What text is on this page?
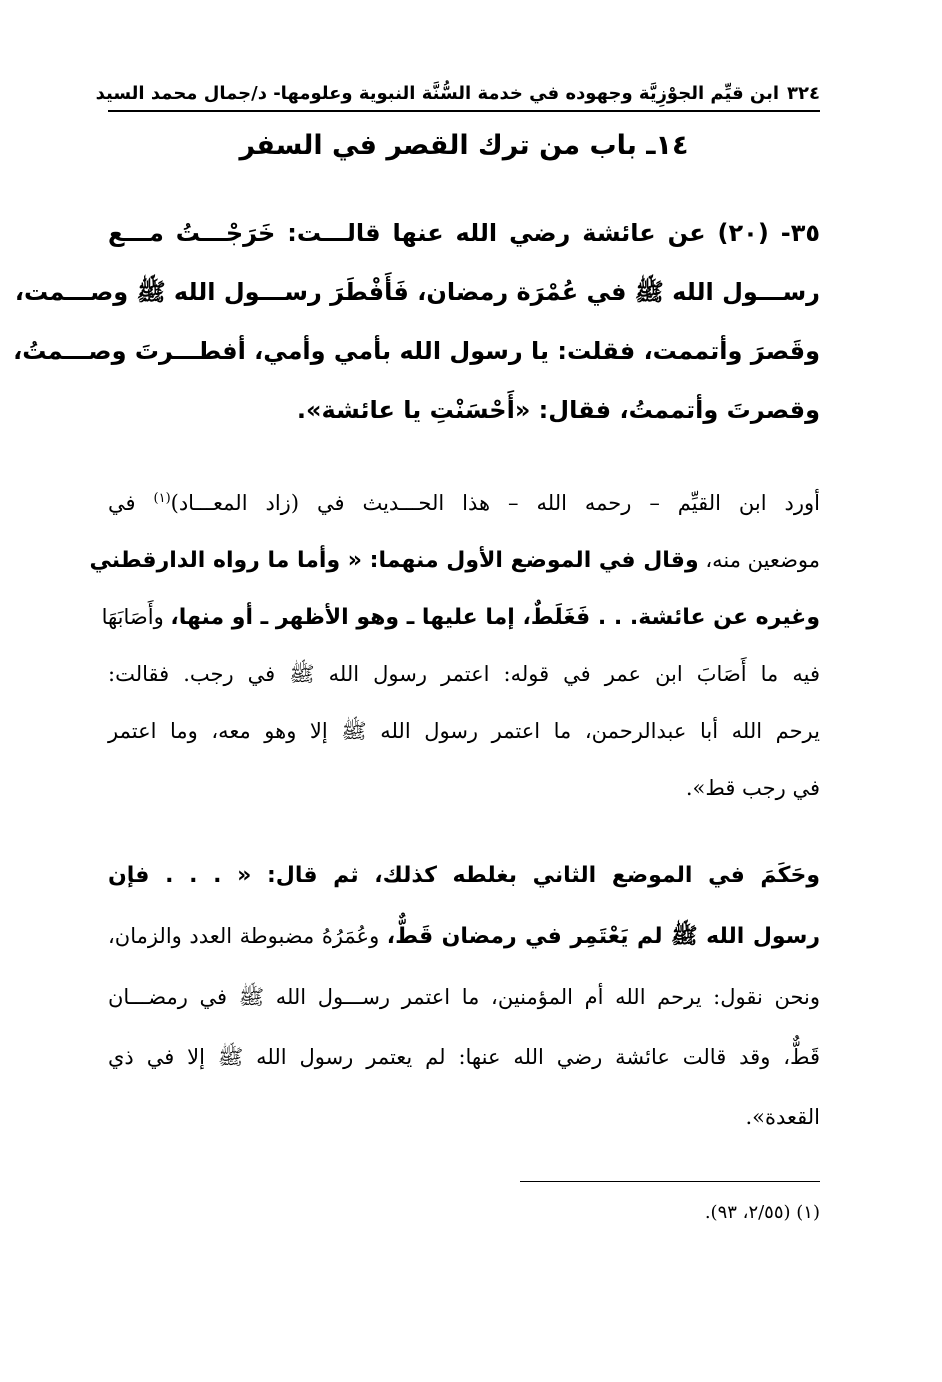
٣٢٤
ابن قيِّم الجوْزِيَّة وجهوده في خدمة السُّنَّة النبوية وعلومها- د/جمال محمد السيد
١٤ـ باب من ترك القصر في السفر
٣٥- (٢٠) عن عائشة رضي الله عنها قالـــت: خَرَجْـــتُ مـــع
رســـول الله ﷺ في عُمْرَة رمضان، فَأَفْطَرَ رســـول الله ﷺ وصـــمت،
وقَصرَ وأتممت، فقلت: يا رسول الله بأمي وأمي، أفطـــرتَ وصـــمتُ،
وقصرتَ وأتممتُ، فقال: «أَحْسَنْتِ يا عائشة».
أورد ابن القيِّم – رحمه الله – هذا الحـــديث في (زاد المعـــاد)$^{(١)}$ في
موضعين منه، وقال في الموضع الأول منهما: « وأما ما رواه الدارقطني
وغيره عن عائشة. . . فَغَلَطٌ، إما عليها ـ وهو الأظهر ـ أو منها، وأَصَابَهَا
فيه ما أَصَابَ ابن عمر في قوله: اعتمر رسول الله ﷺ في رجب. فقالت:
يرحم الله أبا عبدالرحمن، ما اعتمر رسول الله ﷺ إلا وهو معه، وما اعتمر
في رجب قط».
وحَكَمَ في الموضع الثاني بغلطه كذلك، ثم قال: « . . . فإن
رسول الله ﷺ لم يَعْتَمِر في رمضان قَطٌّ، وعُمَرُهُ مضبوطة العدد والزمان،
ونحن نقول: يرحم الله أم المؤمنين، ما اعتمر رســـول الله ﷺ في رمضـــان
قَطٌّ، وقد قالت عائشة رضي الله عنها: لم يعتمر رسول الله ﷺ إلا في ذي
القعدة».
(١) (٢/٥٥، ٩٣).
